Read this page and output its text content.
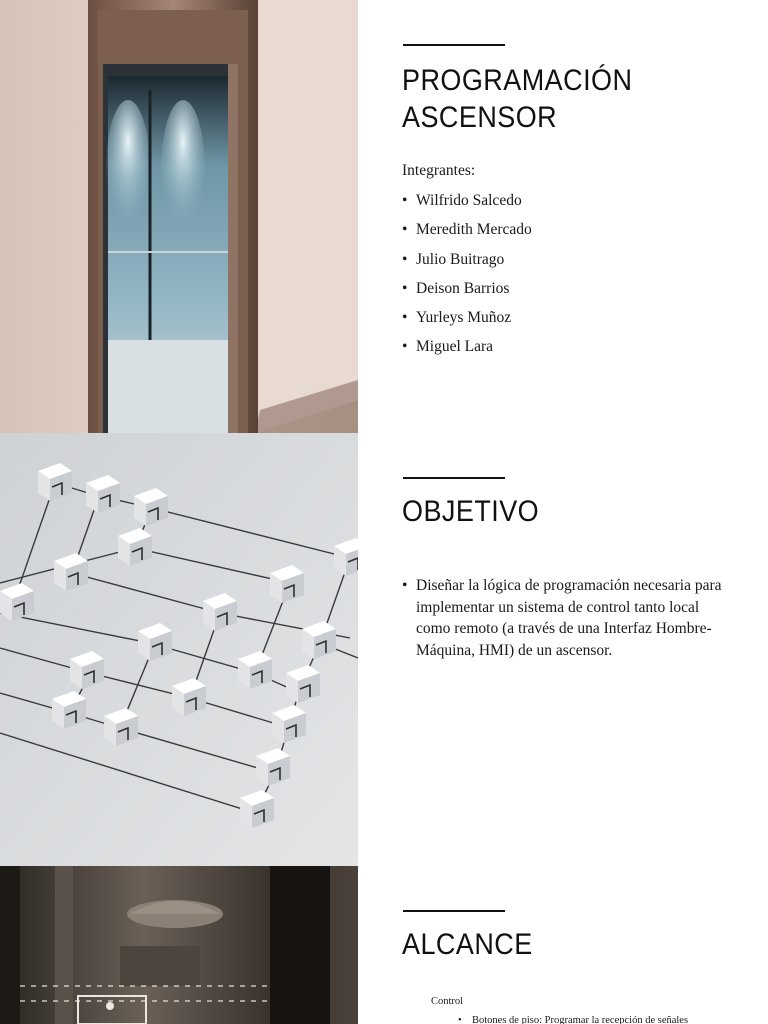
PROGRAMACIÓN
ASCENSOR
Integrantes:
• Wilfrido Salcedo
• Meredith Mercado
• Julio Buitrago
• Deison Barrios
• Yurleys Muñoz
• Miguel Lara
OBJETIVO
• Diseñar la lógica de programación necesaria para implementar un sistema de control tanto local como remoto (a través de una Interfaz Hombre-Máquina, HMI) de un ascensor.
ALCANCE
Control
• Botones de piso: Programar la recepción de señales
